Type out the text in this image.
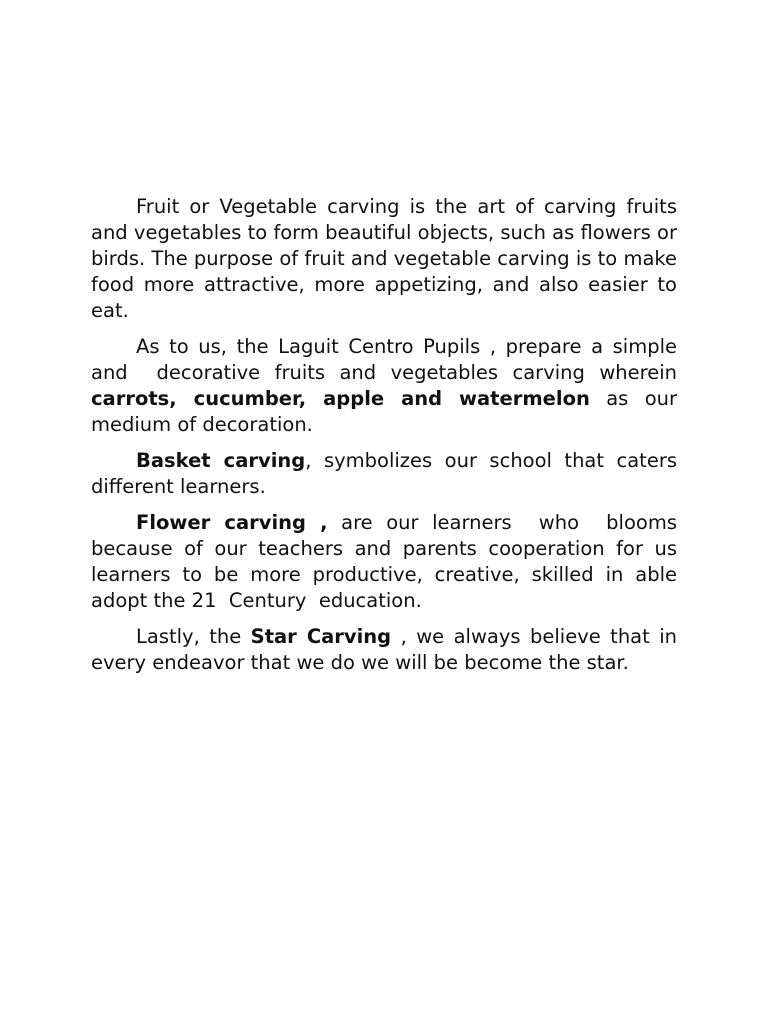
Fruit or Vegetable carving is the art of carving fruits and vegetables to form beautiful objects, such as flowers or birds. The purpose of fruit and vegetable carving is to make food more attractive, more appetizing, and also easier to eat.

As to us, the Laguit Centro Pupils , prepare a simple and  decorative fruits and vegetables carving wherein carrots, cucumber, apple and watermelon as our medium of decoration.

Basket carving, symbolizes our school that caters different learners.

Flower carving , are our learners  who  blooms because of our teachers and parents cooperation for us learners to be more productive, creative, skilled in able adopt the 21  Century  education.

Lastly, the Star Carving , we always believe that in every endeavor that we do we will be become the star.
